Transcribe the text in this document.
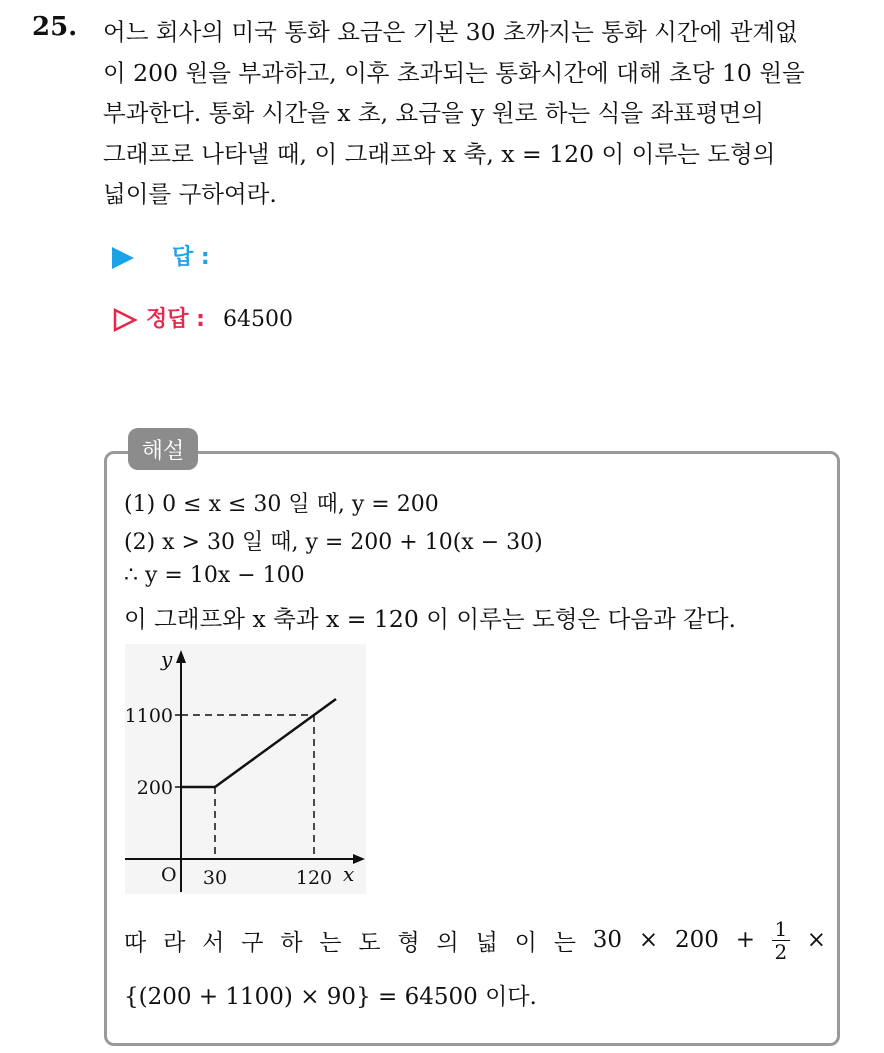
25. 어느 회사의 미국 통화 요금은 기본 30 초까지는 통화 시간에 관계없
이 200 원을 부과하고, 이후 초과되는 통화시간에 대해 초당 10 원을
부과한다. 통화 시간을 x 초, 요금을 y 원로 하는 식을 좌표평면의
그래프로 나타낼 때, 이 그래프와 x 축, x = 120 이 이루는 도형의
넓이를 구하여라.
답 :
정답 : 64500
해설
(1) 0 ≤ x ≤ 30 일 때, y = 200
(2) x > 30 일 때, y = 200 + 10(x − 30)
∴ y = 10x − 100
이 그래프와 x 축과 x = 120 이 이루는 도형은 다음과 같다.
y
1100
200
O 30	120 x
따 라 서 구 하 는 도 형 의 넓 이 는 $30 \times 200 + \frac{1}{2}$ ×
{(200 + 1100) × 90} = 64500 이다.
